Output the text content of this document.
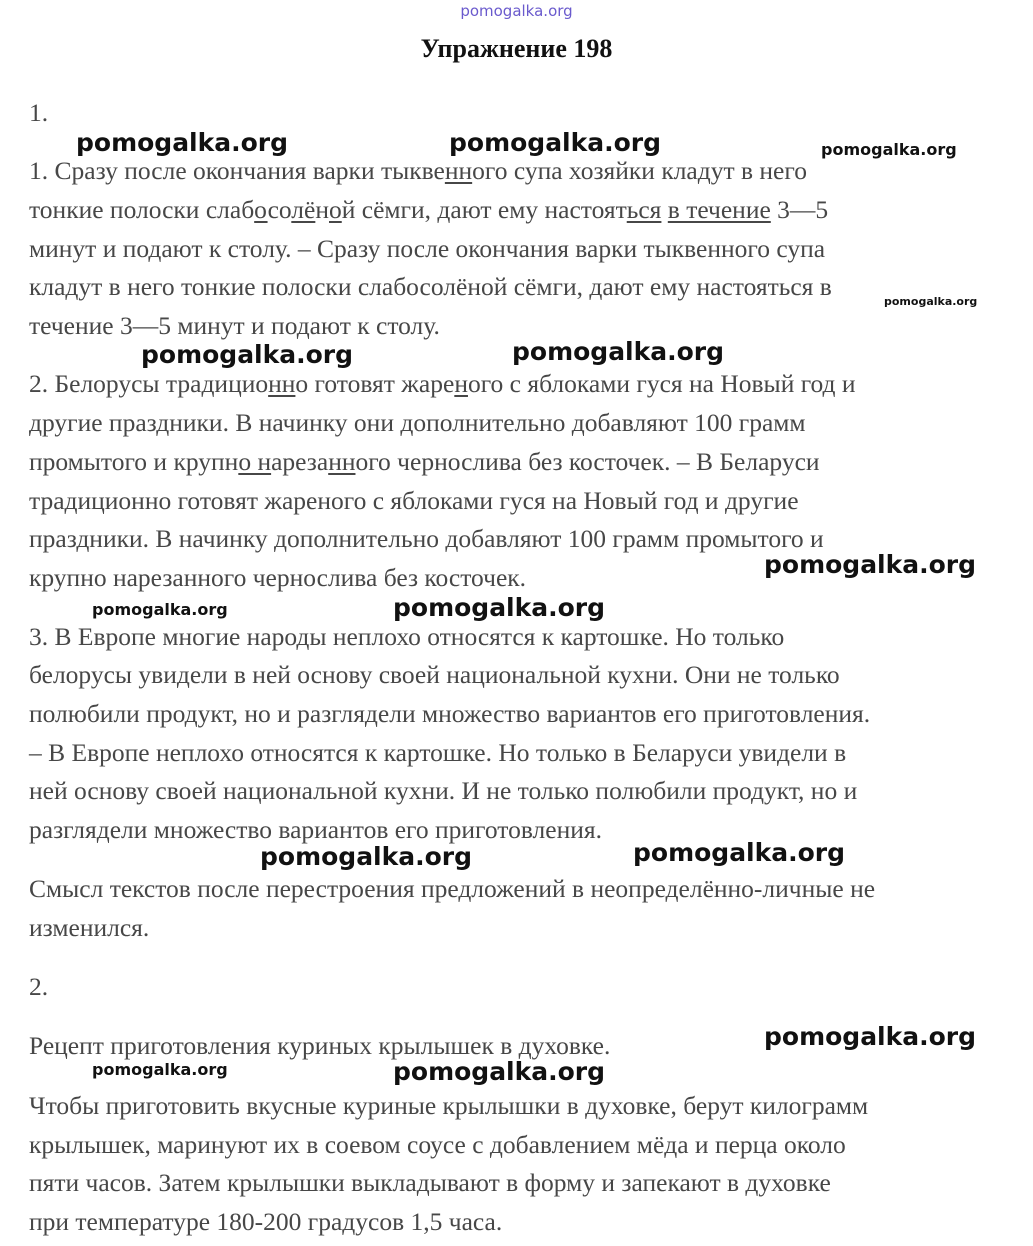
pomogalka.org
Упражнение 198
1.
1. Сразу после окончания варки тыквенного супа хозяйки кладут в него
тонкие полоски слабосолёной сёмги, дают ему настояться в течение 3—5
минут и подают к столу. – Сразу после окончания варки тыквенного супа
кладут в него тонкие полоски слабосолёной сёмги, дают ему настояться в
течение 3—5 минут и подают к столу.
2. Белорусы традиционно готовят жареного с яблоками гуся на Новый год и
другие праздники. В начинку они дополнительно добавляют 100 грамм
промытого и крупно нарезанного чернослива без косточек. – В Беларуси
традиционно готовят жареного с яблоками гуся на Новый год и другие
праздники. В начинку дополнительно добавляют 100 грамм промытого и
крупно нарезанного чернослива без косточек.
3. В Европе многие народы неплохо относятся к картошке. Но только
белорусы увидели в ней основу своей национальной кухни. Они не только
полюбили продукт, но и разглядели множество вариантов его приготовления.
– В Европе неплохо относятся к картошке. Но только в Беларуси увидели в
ней основу своей национальной кухни. И не только полюбили продукт, но и
разглядели множество вариантов его приготовления.
Смысл текстов после перестроения предложений в неопределённо-личные не
изменился.
2.
Рецепт приготовления куриных крылышек в духовке.
Чтобы приготовить вкусные куриные крылышки в духовке, берут килограмм
крылышек, маринуют их в соевом соусе с добавлением мёда и перца около
пяти часов. Затем крылышки выкладывают в форму и запекают в духовке
при температуре 180-200 градусов 1,5 часа.
pomogalka.org	pomogalka.org	pomogalka.org
pomogalka.org
pomogalka.org	pomogalka.org
pomogalka.org
pomogalka.org	pomogalka.org
pomogalka.org	pomogalka.org
pomogalka.org
pomogalka.org	pomogalka.org
